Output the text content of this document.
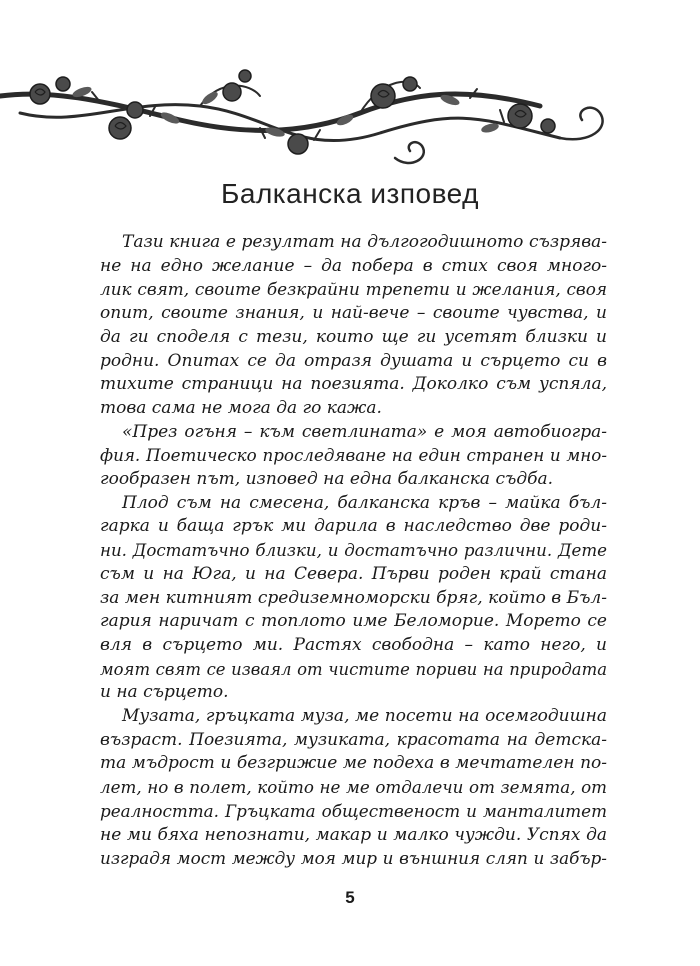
Балканска изповед
Тази книга е резултат на дългогодишното съзрява-
не на едно желание – да побера в стих своя много-
лик свят, своите безкрайни трепети и желания, своя
опит, своите знания, и най-вече – своите чувства, и
да ги споделя с тези, които ще ги усетят близки и
родни. Опитах се да отразя душата и сърцето си в
тихите страници на поезията. Доколко съм успяла,
това сама не мога да го кажа.
«През огъня – към светлината» е моя автобиогра-
фия. Поетическо проследяване на един странен и мно-
гообразен път, изповед на една балканска съдба.
Плод съм на смесена, балканска кръв – майка бъл-
гарка и баща грък ми дарила в наследство две роди-
ни. Достатъчно близки, и достатъчно различни. Дете
съм и на Юга, и на Севера. Първи роден край стана
за мен китният средиземноморски бряг, който в Бъл-
гария наричат с топлото име Беломорие. Морето се
вля в сърцето ми. Растях свободна – като него, и
моят свят се изваял от чистите пориви на природата
и на сърцето.
Музата, гръцката муза, ме посети на осемгодишна
възраст. Поезията, музиката, красотата на детска-
та мъдрост и безгрижие ме подеха в мечтателен по-
лет, но в полет, който не ме отдалечи от земята, от
реалността. Гръцката общественост и манталитет
не ми бяха непознати, макар и малко чужди. Успях да
изградя мост между моя мир и външния сляп и забър-
5
